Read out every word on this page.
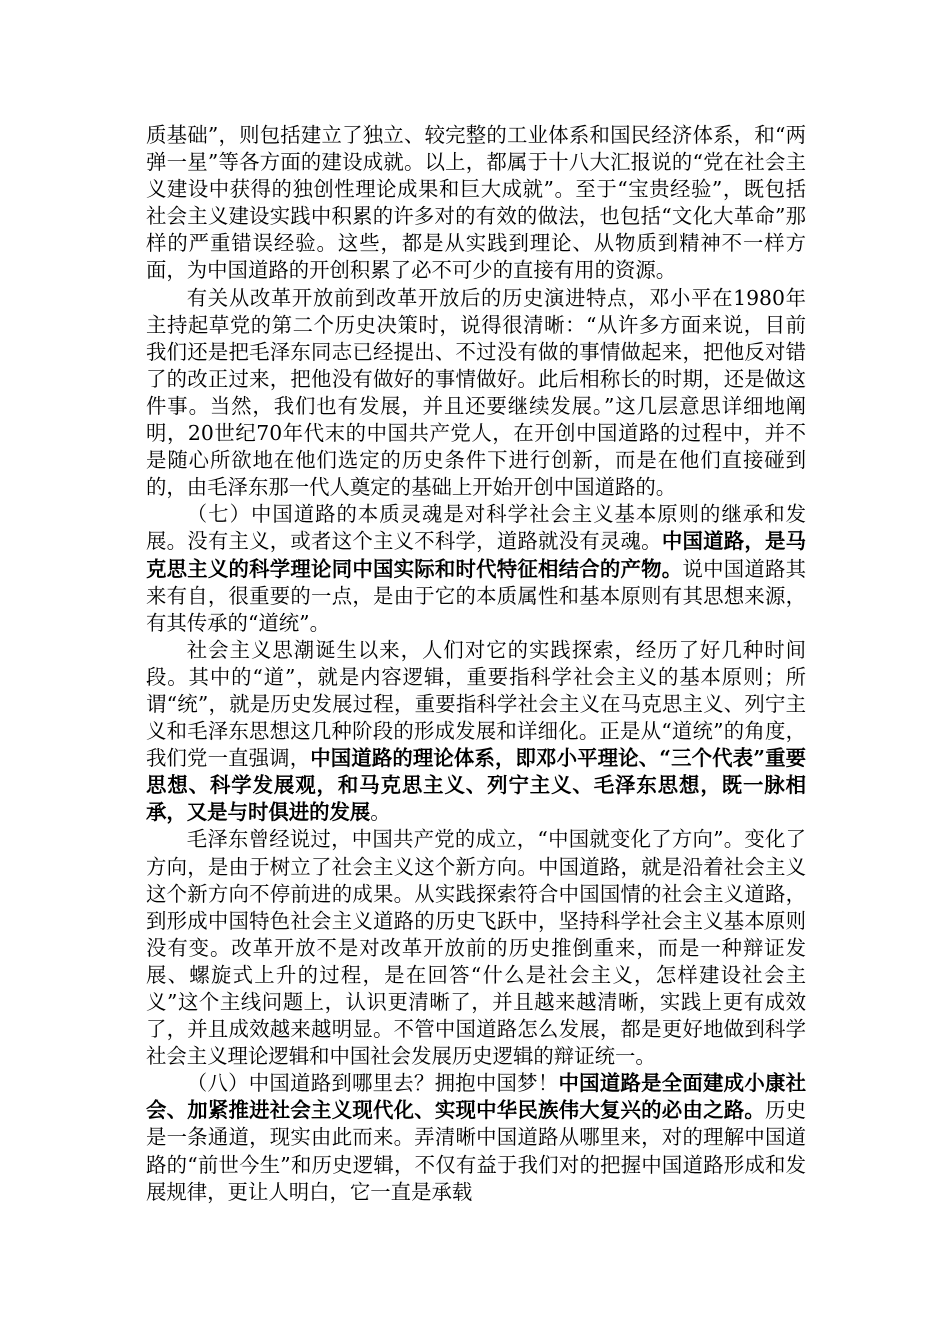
质基础”，则包括建立了独立、较完整的工业体系和国民经济体系，和“两弹一星”等各方面的建设成就。以上，都属于十八大汇报说的“党在社会主义建设中获得的独创性理论成果和巨大成就”。至于“宝贵经验”，既包括社会主义建设实践中积累的许多对的有效的做法，也包括“文化大革命”那样的严重错误经验。这些，都是从实践到理论、从物质到精神不一样方面，为中国道路的开创积累了必不可少的直接有用的资源。

有关从改革开放前到改革开放后的历史演进特点，邓小平在1980年主持起草党的第二个历史决策时，说得很清晰：“从许多方面来说，目前我们还是把毛泽东同志已经提出、不过没有做的事情做起来，把他反对错了的改正过来，把他没有做好的事情做好。此后相称长的时期，还是做这件事。当然，我们也有发展，并且还要继续发展。”这几层意思详细地阐明，20世纪70年代末的中国共产党人，在开创中国道路的过程中，并不是随心所欲地在他们选定的历史条件下进行创新，而是在他们直接碰到的，由毛泽东那一代人奠定的基础上开始开创中国道路的。

（七）中国道路的本质灵魂是对科学社会主义基本原则的继承和发展。没有主义，或者这个主义不科学，道路就没有灵魂。中国道路，是马克思主义的科学理论同中国实际和时代特征相结合的产物。说中国道路其来有自，很重要的一点，是由于它的本质属性和基本原则有其思想来源，有其传承的“道统”。

社会主义思潮诞生以来，人们对它的实践探索，经历了好几种时间段。其中的“道”，就是内容逻辑，重要指科学社会主义的基本原则；所谓“统”，就是历史发展过程，重要指科学社会主义在马克思主义、列宁主义和毛泽东思想这几种阶段的形成发展和详细化。正是从“道统”的角度，我们党一直强调，中国道路的理论体系，即邓小平理论、“三个代表”重要思想、科学发展观，和马克思主义、列宁主义、毛泽东思想，既一脉相承，又是与时俱进的发展。

毛泽东曾经说过，中国共产党的成立，“中国就变化了方向”。变化了方向，是由于树立了社会主义这个新方向。中国道路，就是沿着社会主义这个新方向不停前进的成果。从实践探索符合中国国情的社会主义道路，到形成中国特色社会主义道路的历史飞跃中，坚持科学社会主义基本原则没有变。改革开放不是对改革开放前的历史推倒重来，而是一种辩证发展、螺旋式上升的过程，是在回答“什么是社会主义，怎样建设社会主义”这个主线问题上，认识更清晰了，并且越来越清晰，实践上更有成效了，并且成效越来越明显。不管中国道路怎么发展，都是更好地做到科学社会主义理论逻辑和中国社会发展历史逻辑的辩证统一。

（八）中国道路到哪里去？拥抱中国梦！中国道路是全面建成小康社会、加紧推进社会主义现代化、实现中华民族伟大复兴的必由之路。历史是一条通道，现实由此而来。弄清晰中国道路从哪里来，对的理解中国道路的“前世今生”和历史逻辑，不仅有益于我们对的把握中国道路形成和发展规律，更让人明白，它一直是承载
